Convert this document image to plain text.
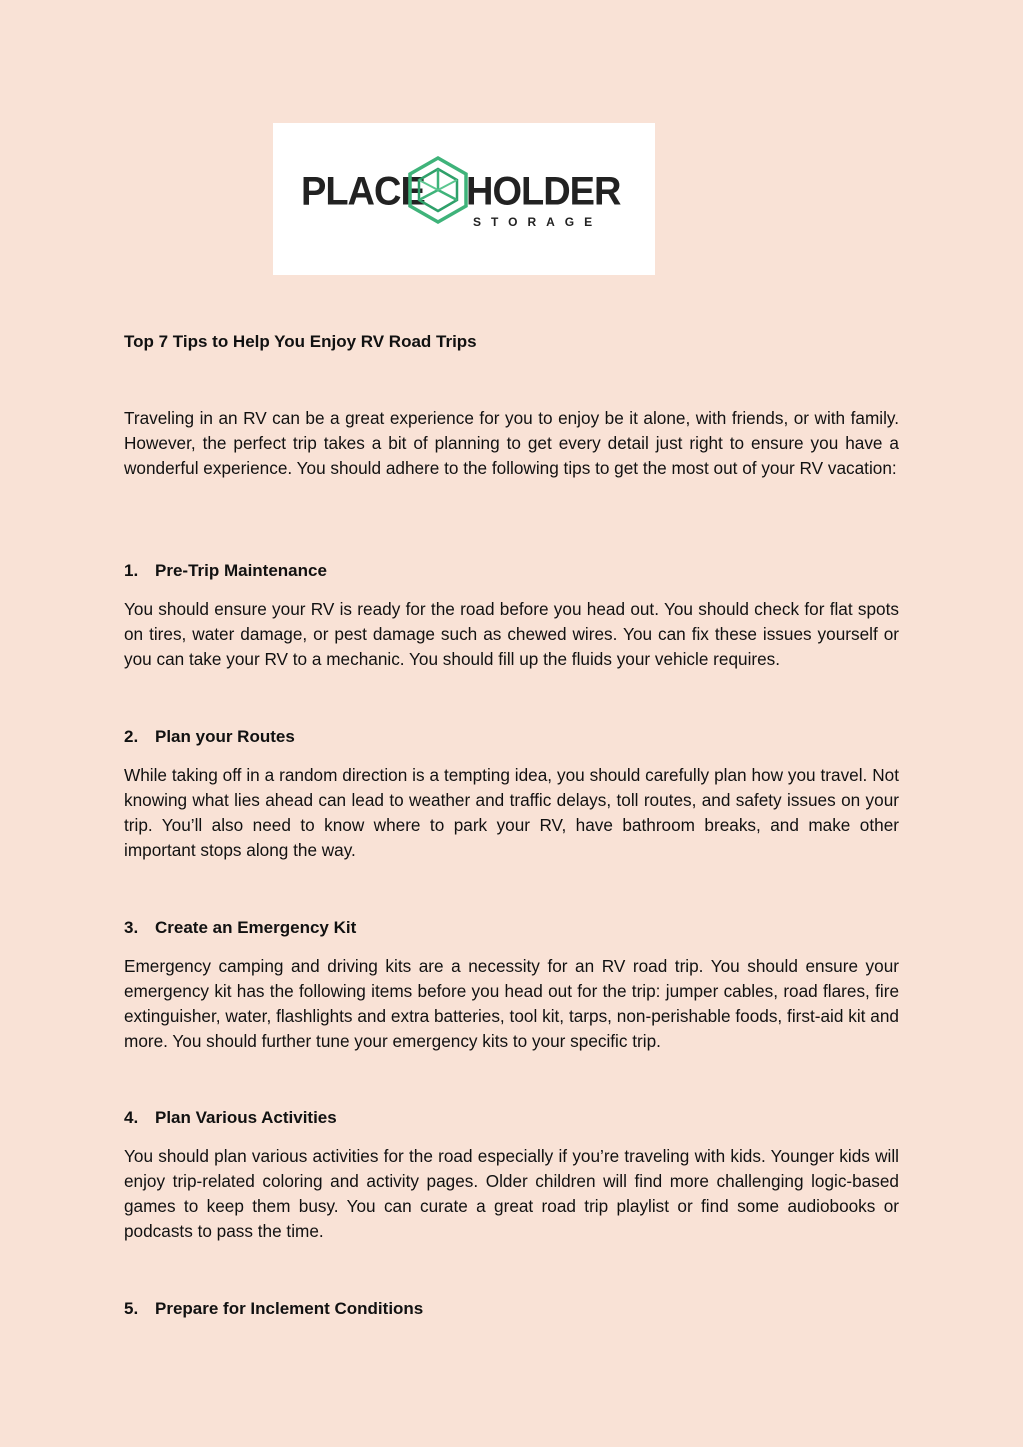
PLACE HOLDER
STORAGE
Top 7 Tips to Help You Enjoy RV Road Trips

Traveling in an RV can be a great experience for you to enjoy be it alone, with friends, or with family. However, the perfect trip takes a bit of planning to get every detail just right to ensure you have a wonderful experience. You should adhere to the following tips to get the most out of your RV vacation:

1. Pre-Trip Maintenance

You should ensure your RV is ready for the road before you head out. You should check for flat spots on tires, water damage, or pest damage such as chewed wires. You can fix these issues yourself or you can take your RV to a mechanic. You should fill up the fluids your vehicle requires.

2. Plan your Routes

While taking off in a random direction is a tempting idea, you should carefully plan how you travel. Not knowing what lies ahead can lead to weather and traffic delays, toll routes, and safety issues on your trip. You’ll also need to know where to park your RV, have bathroom breaks, and make other important stops along the way.

3. Create an Emergency Kit

Emergency camping and driving kits are a necessity for an RV road trip. You should ensure your emergency kit has the following items before you head out for the trip: jumper cables, road flares, fire extinguisher, water, flashlights and extra batteries, tool kit, tarps, non-perishable foods, first-aid kit and more. You should further tune your emergency kits to your specific trip.

4. Plan Various Activities

You should plan various activities for the road especially if you’re traveling with kids. Younger kids will enjoy trip-related coloring and activity pages. Older children will find more challenging logic-based games to keep them busy. You can curate a great road trip playlist or find some audiobooks or podcasts to pass the time.

5. Prepare for Inclement Conditions
